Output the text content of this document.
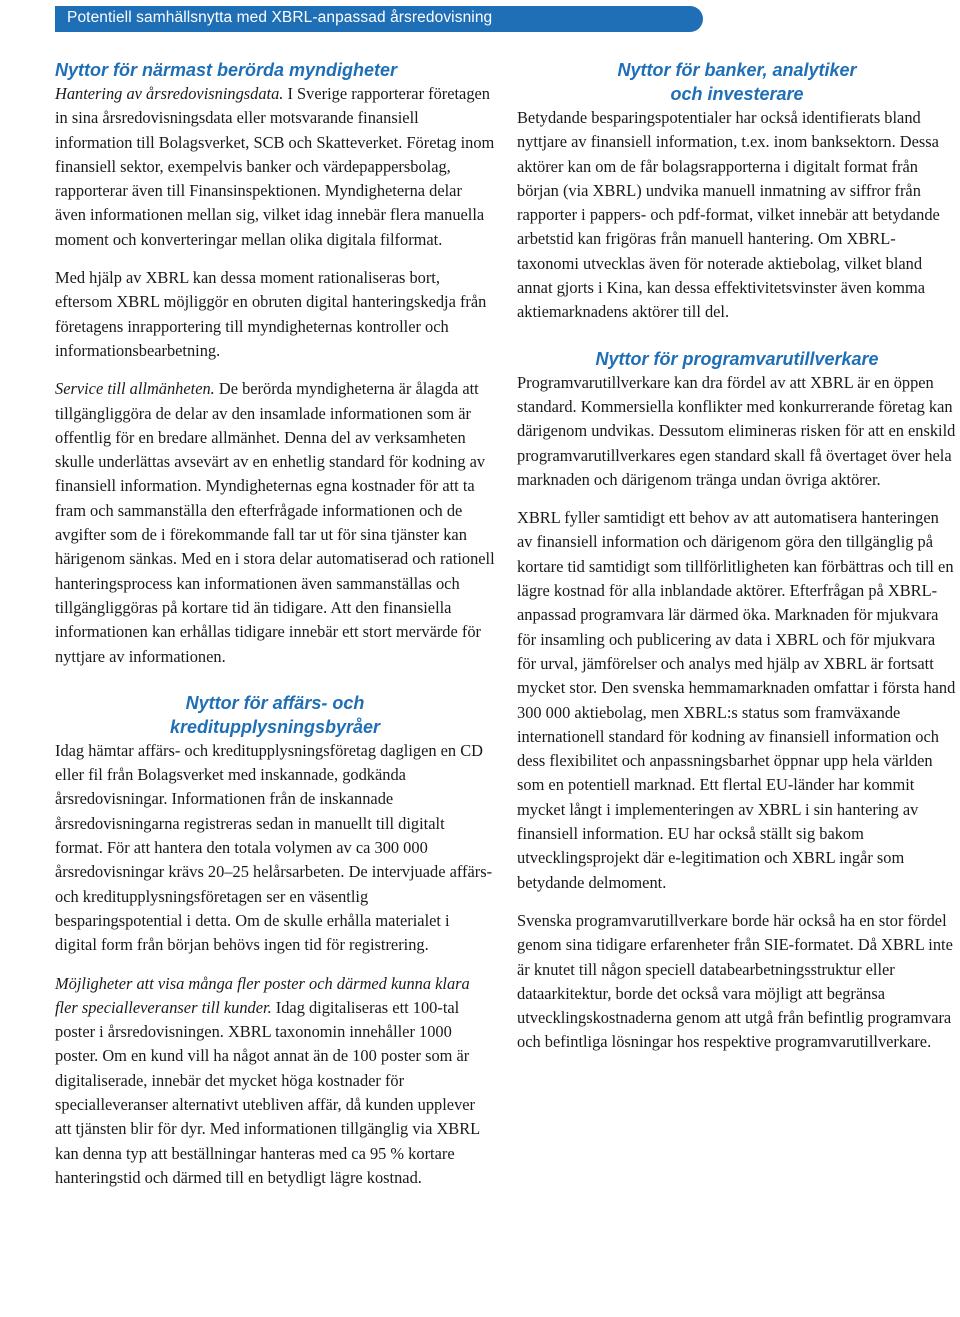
Potentiell samhällsnytta med XBRL-anpassad årsredovisning
Nyttor för närmast berörda myndigheter

Hantering av årsredovisningsdata. I Sverige rapporterar företagen in sina årsredovisningsdata eller motsvarande finansiell information till Bolagsverket, SCB och Skatteverket. Företag inom finansiell sektor, exempelvis banker och värdepappersbolag, rapporterar även till Finansinspektionen. Myndigheterna delar även informationen mellan sig, vilket idag innebär flera manuella moment och konverteringar mellan olika digitala filformat.

Med hjälp av XBRL kan dessa moment rationaliseras bort, eftersom XBRL möjliggör en obruten digital hanteringskedja från företagens inrapportering till myndigheternas kontroller och informationsbearbetning.

Service till allmänheten. De berörda myndigheterna är ålagda att tillgängliggöra de delar av den insamlade informationen som är offentlig för en bredare allmänhet. Denna del av verksamheten skulle underlättas avsevärt av en enhetlig standard för kodning av finansiell information. Myndigheternas egna kostnader för att ta fram och sammanställa den efterfrågade informationen och de avgifter som de i förekommande fall tar ut för sina tjänster kan härigenom sänkas. Med en i stora delar automatiserad och rationell hanteringsprocess kan informationen även sammanställas och tillgängliggöras på kortare tid än tidigare. Att den finansiella informationen kan erhållas tidigare innebär ett stort mervärde för nyttjare av informationen.

Nyttor för affärs- och
kreditupplysningsbyråer

Idag hämtar affärs- och kreditupplysningsföretag dagligen en CD eller fil från Bolagsverket med inskannade, godkända årsredovisningar. Informationen från de inskannade årsredovisningarna registreras sedan in manuellt till digitalt format. För att hantera den totala volymen av ca 300 000 årsredovisningar krävs 20–25 helårsarbeten. De intervjuade affärs- och kreditupplysningsföretagen ser en väsentlig besparingspotential i detta. Om de skulle erhålla materialet i digital form från början behövs ingen tid för registrering.

Möjligheter att visa många fler poster och därmed kunna klara fler specialleveranser till kunder. Idag digitaliseras ett 100-tal poster i årsredovisningen. XBRL taxonomin innehåller 1000 poster. Om en kund vill ha något annat än de 100 poster som är digitaliserade, innebär det mycket höga kostnader för specialleveranser alternativt utebliven affär, då kunden upplever att tjänsten blir för dyr. Med informationen tillgänglig via XBRL kan denna typ att beställningar hanteras med ca 95 % kortare hanteringstid och därmed till en betydligt lägre kostnad.

Nyttor för banker, analytiker
och investerare

Betydande besparingspotentialer har också identifierats bland nyttjare av finansiell information, t.ex. inom banksektorn. Dessa aktörer kan om de får bolagsrapporterna i digitalt format från början (via XBRL) undvika manuell inmatning av siffror från rapporter i pappers- och pdf-format, vilket innebär att betydande arbetstid kan frigöras från manuell hantering. Om XBRL-taxonomi utvecklas även för noterade aktiebolag, vilket bland annat gjorts i Kina, kan dessa effektivitetsvinster även komma aktiemarknadens aktörer till del.

Nyttor för programvarutillverkare

Programvarutillverkare kan dra fördel av att XBRL är en öppen standard. Kommersiella konflikter med konkurrerande företag kan därigenom undvikas. Dessutom elimineras risken för att en enskild programvarutillverkares egen standard skall få övertaget över hela marknaden och därigenom tränga undan övriga aktörer.

XBRL fyller samtidigt ett behov av att automatisera hanteringen av finansiell information och därigenom göra den tillgänglig på kortare tid samtidigt som tillförlitligheten kan förbättras och till en lägre kostnad för alla inblandade aktörer. Efterfrågan på XBRL-anpassad programvara lär därmed öka. Marknaden för mjukvara för insamling och publicering av data i XBRL och för mjukvara för urval, jämförelser och analys med hjälp av XBRL är fortsatt mycket stor. Den svenska hemmamarknaden omfattar i första hand 300 000 aktiebolag, men XBRL:s status som framväxande internationell standard för kodning av finansiell information och dess flexibilitet och anpassningsbarhet öppnar upp hela världen som en potentiell marknad. Ett flertal EU-länder har kommit mycket långt i implementeringen av XBRL i sin hantering av finansiell information. EU har också ställt sig bakom utvecklingsprojekt där e-legitimation och XBRL ingår som betydande delmoment.

Svenska programvarutillverkare borde här också ha en stor fördel genom sina tidigare erfarenheter från SIE-formatet. Då XBRL inte är knutet till någon speciell databearbetningsstruktur eller dataarkitektur, borde det också vara möjligt att begränsa utvecklingskostnaderna genom att utgå från befintlig programvara och befintliga lösningar hos respektive programvarutillverkare.
